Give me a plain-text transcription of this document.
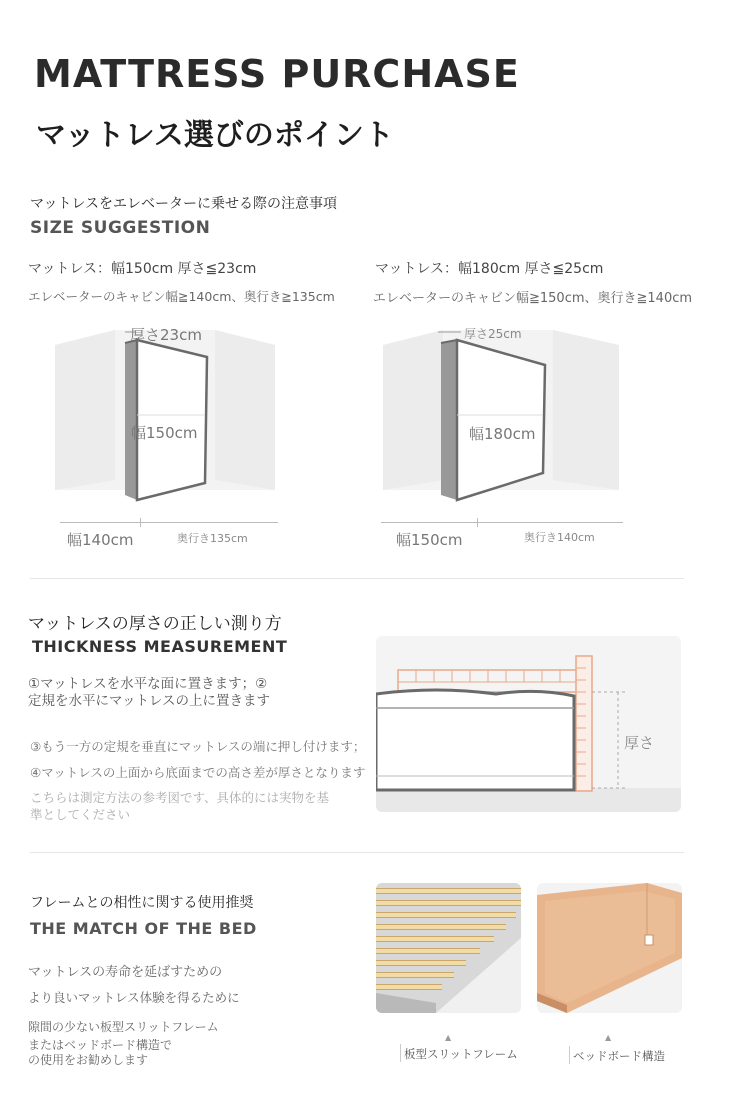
MATTRESS PURCHASE
マットレス選びのポイント
マットレスをエレベーターに乗せる際の注意事項
SIZE SUGGESTION
マットレス：幅150cm 厚さ≦23cm
エレベーターのキャビン幅≧140cm、奥行き≧135cm
マットレス：幅180cm 厚さ≦25cm
エレベーターのキャビン幅≧150cm、奥行き≧140cm
厚さ23cm
幅150cm
幅140cm	奥行き135cm
厚さ25cm
幅180cm
幅150cm	奥行き140cm
マットレスの厚さの正しい測り方
THICKNESS MEASUREMENT
①マットレスを水平な面に置きます；②定規を水平にマットレスの上に置きます
③もう一方の定規を垂直にマットレスの端に押し付けます；
④マットレスの上面から底面までの高さ差が厚さとなります
こちらは測定方法の参考図です、具体的には実物を基準としてください
厚さ
フレームとの相性に関する使用推奨
THE MATCH OF THE BED
マットレスの寿命を延ばすための
より良いマットレス体験を得るために
隙間の少ない板型スリットフレーム
またはベッドボード構造での使用をお勧めします
▲
板型スリットフレーム
▲
ベッドボード構造
